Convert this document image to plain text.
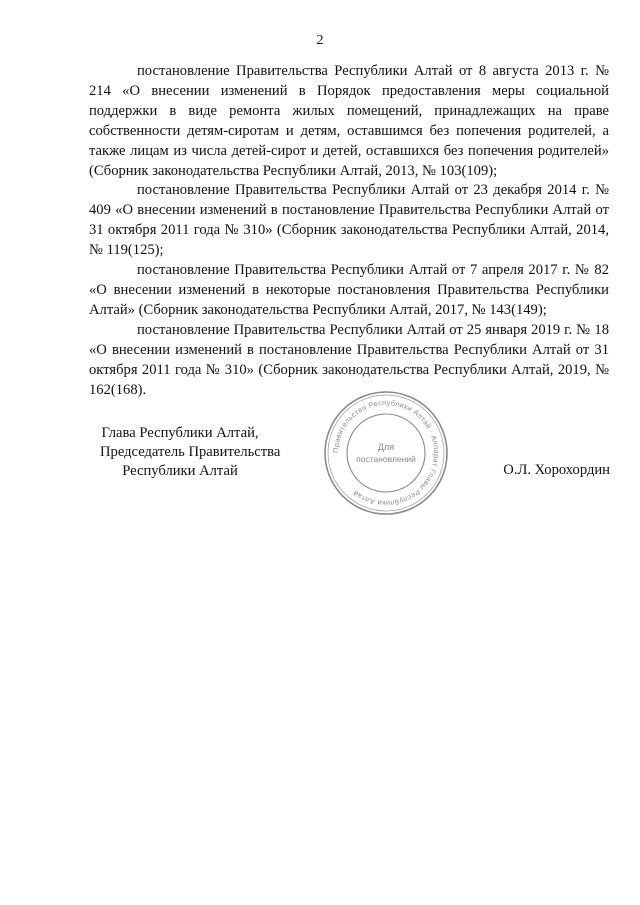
2

постановление Правительства Республики Алтай от 8 августа 2013 г. № 214 «О внесении изменений в Порядок предоставления меры социальной поддержки в виде ремонта жилых помещений, принадлежащих на праве собственности детям-сиротам и детям, оставшимся без попечения родителей, а также лицам из числа детей-сирот и детей, оставшихся без попечения родителей» (Сборник законодательства Республики Алтай, 2013, № 103(109);

постановление Правительства Республики Алтай от 23 декабря 2014 г. № 409 «О внесении изменений в постановление Правительства Республики Алтай от 31 октября 2011 года № 310» (Сборник законодательства Республики Алтай, 2014, № 119(125);

постановление Правительства Республики Алтай от 7 апреля 2017 г. № 82 «О внесении изменений в некоторые постановления Правительства Республики Алтай» (Сборник законодательства Республики Алтай, 2017, № 143(149);

постановление Правительства Республики Алтай от 25 января 2019 г. № 18 «О внесении изменений в постановление Правительства Республики Алтай от 31 октября 2011 года № 310» (Сборник законодательства Республики Алтай, 2019, № 162(168).

Глава Республики Алтай,
Председатель Правительства
Республики Алтай	О.Л. Хорохордин
Правительство Республики Алтай · Аппарат Главы Республики Алтай
Для
постановлений
